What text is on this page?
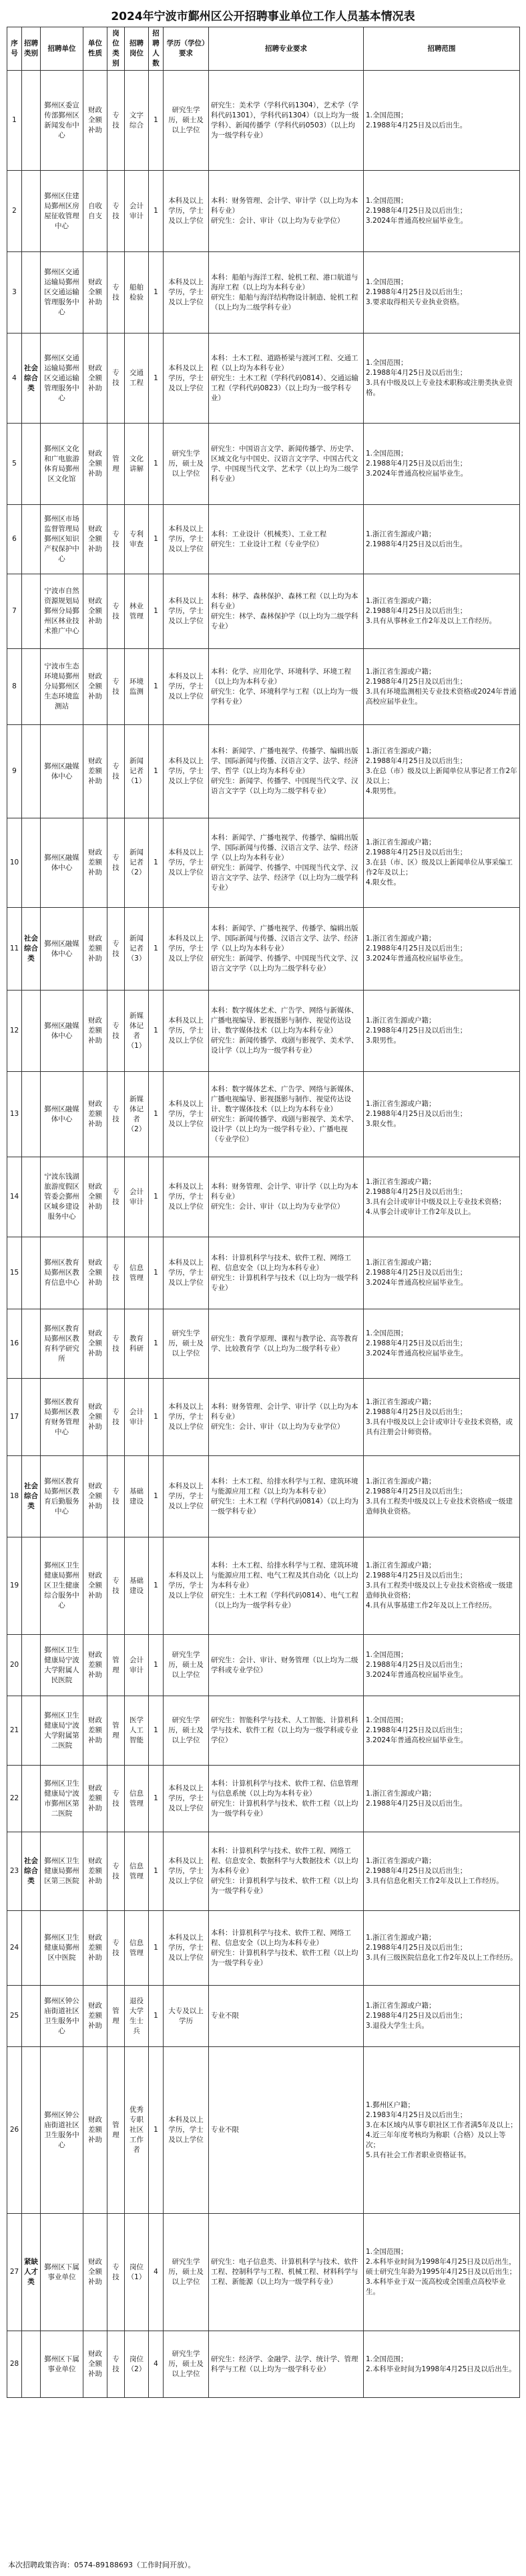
2024年宁波市鄞州区公开招聘事业单位工作人员基本情况表
序号	招聘类别	招聘单位	单位性质	岗位类别	招聘岗位	招聘人数	学历（学位）要求	招聘专业要求	招聘范围
1		鄞州区委宣传部鄞州区新闻发布中心	财政全额补助	专技	文字综合	1	研究生学历，硕士及以上学位	研究生：美术学（学科代码1304），艺术学（学科代码1301），学科代码1304）（以上均为一级学科）、新闻传播学（学科代码0503）（以上均为一级学科专业）	1.全国范围；
2.1988年4月25日及以后出生。
2		鄞州区住建局鄞州区房屋征收管理中心	自收自支	专技	会计审计	1	本科及以上学历，学士及以上学位	本科：财务管理、会计学、审计学（以上均为本科专业）
研究生：会计、审计（以上均为专业学位）	1.全国范围；
2.1988年4月25日及以后出生；
3.2024年普通高校应届毕业生。
3		鄞州区交通运输局鄞州区交通运输管理服务中心	财政全额补助	专技	船舶检验	1	本科及以上学历，学士及以上学位	本科：船舶与海洋工程、轮机工程、港口航道与海岸工程（以上均为本科专业）
研究生：船舶与海洋结构物设计制造、轮机工程（以上均为二级学科专业）	1.全国范围；
2.1988年4月25日及以后出生；
3.要求取得相关专业执业资格。
4	社会综合类	鄞州区交通运输局鄞州区交通运输管理服务中心	财政全额补助	专技	交通工程	1	本科及以上学历，学士及以上学位	本科：土木工程、道路桥梁与渡河工程、交通工程（以上均为本科专业）
研究生：土木工程（学科代码0814）、交通运输工程（学科代码0823）（以上均为一级学科专业）	1.全国范围；
2.1988年4月25日及以后出生；
3.具有中级及以上专业技术职称或注册类执业资格。
5		鄞州区文化和广电旅游体育局鄞州区文化馆	财政全额补助	管理	文化讲解	1	研究生学历，硕士及以上学位	研究生：中国语言文学、新闻传播学、历史学、区域文化与中国史、汉语言文字学、中国古代文学、中国现当代文学、艺术学（以上均为二级学科专业）	1.全国范围；
2.1988年4月25日及以后出生；
3.2024年普通高校应届毕业生。
6		鄞州区市场监督管理局鄞州区知识产权保护中心	财政全额补助	专技	专利审查	1	本科及以上学历，学士及以上学位	本科：工业设计（机械类）、工业工程
研究生：工业设计工程（专业学位）	1.浙江省生源或户籍；
2.1988年4月25日及以后出生。
7		宁波市自然资源规划局鄞州分局鄞州区林业技术推广中心	财政全额补助	专技	林业管理	1	本科及以上学历，学士及以上学位	本科：林学、森林保护、森林工程（以上均为本科专业）
研究生：林学、森林保护学（以上均为二级学科专业）	1.浙江省生源或户籍；
2.1988年4月25日及以后出生；
3.具有从事林业工作2年及以上工作经历。
8		宁波市生态环境局鄞州分局鄞州区生态环境监测站	财政全额补助	专技	环境监测	1	本科及以上学历，学士及以上学位	本科：化学、应用化学、环境科学、环境工程（以上均为本科专业）
研究生：化学、环境科学与工程（以上均为一级学科专业）	1.浙江省生源或户籍；
2.1988年4月25日及以后出生；
3.具有环境监测相关专业技术资格或2024年普通高校应届毕业生。
9		鄞州区融媒体中心	财政差额补助	专技	新闻记者（1）	1	本科及以上学历，学士及以上学位	本科：新闻学、广播电视学、传播学、编辑出版学、国际新闻与传播、汉语言文学、法学、经济学、哲学（以上均为本科专业）
研究生：新闻学、传播学、中国现当代文学、汉语言文字学（以上均为二级学科专业）	1.浙江省生源或户籍；
2.1988年4月25日及以后出生；
3.在总（市）级及以上新闻单位从事记者工作2年及以上；
4.限男性。
10		鄞州区融媒体中心	财政差额补助	专技	新闻记者（2）	1	本科及以上学历，学士及以上学位	本科：新闻学、广播电视学、传播学、编辑出版学、国际新闻与传播、汉语言文学、法学、经济学（以上均为本科专业）
研究生：新闻学、传播学、中国现当代文学、汉语言文字学、法学、经济学（以上均为二级学科专业）	1.浙江省生源或户籍；
2.1988年4月25日及以后出生；
3.在县（市、区）级及以上新闻单位从事采编工作2年及以上；
4.限女性。
11	社会综合类	鄞州区融媒体中心	财政差额补助	专技	新闻记者（3）	1	本科及以上学历，学士及以上学位	本科：新闻学、广播电视学、传播学、编辑出版学、国际新闻与传播、汉语言文学、法学、经济学（以上均为本科专业）
研究生：新闻学、传播学、中国现当代文学、汉语言文字学（以上均为二级学科专业）	1.浙江省生源或户籍；
2.1988年4月25日及以后出生；
3.2024年普通高校应届毕业生。
12		鄞州区融媒体中心	财政差额补助	专技	新媒体记者（1）	1	本科及以上学历，学士及以上学位	本科：数字媒体艺术、广告学、网络与新媒体、广播电视编导、影视摄影与制作、视觉传达设计、数字媒体技术（以上均为本科专业）
研究生：新闻传播学、戏剧与影视学、美术学、设计学（以上均为一级学科专业）	1.浙江省生源或户籍；
2.1988年4月25日及以后出生；
3.限男性。
13		鄞州区融媒体中心	财政差额补助	专技	新媒体记者（2）	1	本科及以上学历，学士及以上学位	本科：数字媒体艺术、广告学、网络与新媒体、广播电视编导、影视摄影与制作、视觉传达设计、数字媒体技术（以上均为本科专业）
研究生：新闻传播学、戏剧与影视学、美术学、设计学（以上均为一级学科专业）、广播电视（专业学位）	1.浙江省生源或户籍；
2.1988年4月25日及以后出生；
3.限女性。
14		宁波东钱湖旅游度假区管委会鄞州区城乡建设服务中心	财政全额补助	专技	会计审计	1	本科及以上学历，学士及以上学位	本科：财务管理、会计学、审计学（以上均为本科专业）
研究生：会计、审计（以上均为专业学位）	1.浙江省生源或户籍；
2.1988年4月25日及以后出生；
3.具有会计或审计中级及以上专业技术资格；
4.从事会计或审计工作2年及以上。
15		鄞州区教育局鄞州区教育信息中心	财政全额补助	专技	信息管理	1	本科及以上学历，学士及以上学位	本科：计算机科学与技术、软件工程、网络工程、信息安全（以上均为本科专业）
研究生：计算机科学与技术（以上均为一级学科专业）	1.浙江省生源或户籍；
2.1988年4月25日及以后出生；
3.2024年普通高校应届毕业生。
16		鄞州区教育局鄞州区教育科学研究所	财政全额补助	专技	教育科研	1	研究生学历，硕士及以上学位	研究生：教育学原理、课程与教学论、高等教育学、比较教育学（以上均为二级学科专业）	1.全国范围；
2.1988年4月25日及以后出生；
3.2024年普通高校应届毕业生。
17		鄞州区教育局鄞州区教育财务管理中心	财政全额补助	专技	会计审计	1	本科及以上学历，学士及以上学位	本科：财务管理、会计学、审计学（以上均为本科专业）
研究生：会计、审计（以上均为专业学位）	1.浙江省生源或户籍；
2.1988年4月25日及以后出生；
3.具有中级及以上会计或审计专业技术资格，或具有注册会计师资格。
18	社会综合类	鄞州区教育局鄞州区教育后勤服务中心	财政全额补助	专技	基础建设	1	本科及以上学历，学士及以上学位	本科：土木工程、给排水科学与工程、建筑环境与能源应用工程（以上均为本科专业）
研究生：土木工程（学科代码0814）（以上均为一级学科专业）	1.浙江省生源或户籍；
2.1988年4月25日及以后出生；
3.具有工程类中级及以上专业技术资格或一级建造师执业资格。
19		鄞州区卫生健康局鄞州区卫生健康综合服务中心	财政全额补助	专技	基础建设	1	本科及以上学历，学士及以上学位	本科：土木工程、给排水科学与工程、建筑环境与能源应用工程、电气工程及其自动化（以上均为本科专业）
研究生：土木工程（学科代码0814）、电气工程（以上均为一级学科专业）	1.浙江省生源或户籍；
2.1988年4月25日及以后出生；
3.具有工程类中级及以上专业技术资格或一级建造师执业资格；
4.具有从事基建工作2年及以上工作经历。
20		鄞州区卫生健康局宁波大学附属人民医院	财政差额补助	管理	会计审计	1	研究生学历，硕士及以上学位	研究生：会计、审计、财务管理（以上均为二级学科或专业学位）	1.全国范围；
2.1988年4月25日及以后出生；
3.2024年普通高校应届毕业生。
21		鄞州区卫生健康局宁波大学附属第二医院	财政差额补助	管理	医学人工智能	1	研究生学历，硕士及以上学位	研究生：智能科学与技术、人工智能、计算机科学与技术、软件工程（以上均为一级学科或专业学位）	1.全国范围；
2.1988年4月25日及以后出生；
3.2024年普通高校应届毕业生。
22		鄞州区卫生健康局宁波市鄞州区第二医院	财政差额补助	专技	信息管理	1	本科及以上学历，学士及以上学位	本科：计算机科学与技术、软件工程、信息管理与信息系统（以上均为本科专业）
研究生：计算机科学与技术、软件工程（以上均为一级学科专业）	1.浙江省生源或户籍；
2.1988年4月25日及以后出生。
23	社会综合类	鄞州区卫生健康局鄞州区第三医院	财政差额补助	专技	信息管理	1	本科及以上学历，学士及以上学位	本科：计算机科学与技术、软件工程、网络工程、信息安全、数据科学与大数据技术（以上均为本科专业）
研究生：计算机科学与技术、软件工程（以上均为一级学科专业）	1.浙江省生源或户籍；
2.1988年4月25日及以后出生；
3.具有信息化相关工作2年及以上工作经历。
24		鄞州区卫生健康局鄞州区中医院	财政差额补助	专技	信息管理	1	本科及以上学历，学士及以上学位	本科：计算机科学与技术、软件工程、网络工程、信息安全（以上均为本科专业）
研究生：计算机科学与技术、软件工程（以上均为一级学科专业）	1.浙江省生源或户籍；
2.1988年4月25日及以后出生；
3.具有三级医院信息化工作2年及以上工作经历。
25		鄞州区钟公庙街道社区卫生服务中心	财政差额补助	管理	退役大学生士兵	1	大专及以上学历	专业不限	1.浙江省生源或户籍；
2.1988年4月25日及以后出生；
3.退役大学生士兵。
26		鄞州区钟公庙街道社区卫生服务中心	财政差额补助	管理	优秀专职社区工作者	1	本科及以上学历，学士及以上学位	专业不限	1.鄞州区户籍；
2.1983年4月25日及以后出生；
3.在本区域内从事专职社区工作者满5年及以上；
4.近三年年度考核均为称职（合格）及以上等次；
5.具有社会工作者职业资格证书。
27	紧缺人才类	鄞州区下属事业单位	财政全额补助	专技	岗位（1）	4	研究生学历，硕士及以上学位	研究生：电子信息类、计算机科学与技术、软件工程、控制科学与工程、机械工程、材料科学与工程、新能源（以上均为一级学科专业）	1.全国范围；
2.本科毕业时间为1998年4月25日及以后出生，硕士研究生年龄为1995年4月25日及以后出生；
3.本科毕业于双一流高校或全国重点高校毕业生。
28		鄞州区下属事业单位	财政全额补助	专技	岗位（2）	4	研究生学历，硕士及以上学位	研究生：经济学、金融学、法学、统计学、管理科学与工程（以上均为一级学科专业）	1.全国范围；
2.本科毕业时间为1998年4月25日及以后出生。
本次招聘政策咨询：0574-89188693（工作时间开放）。
